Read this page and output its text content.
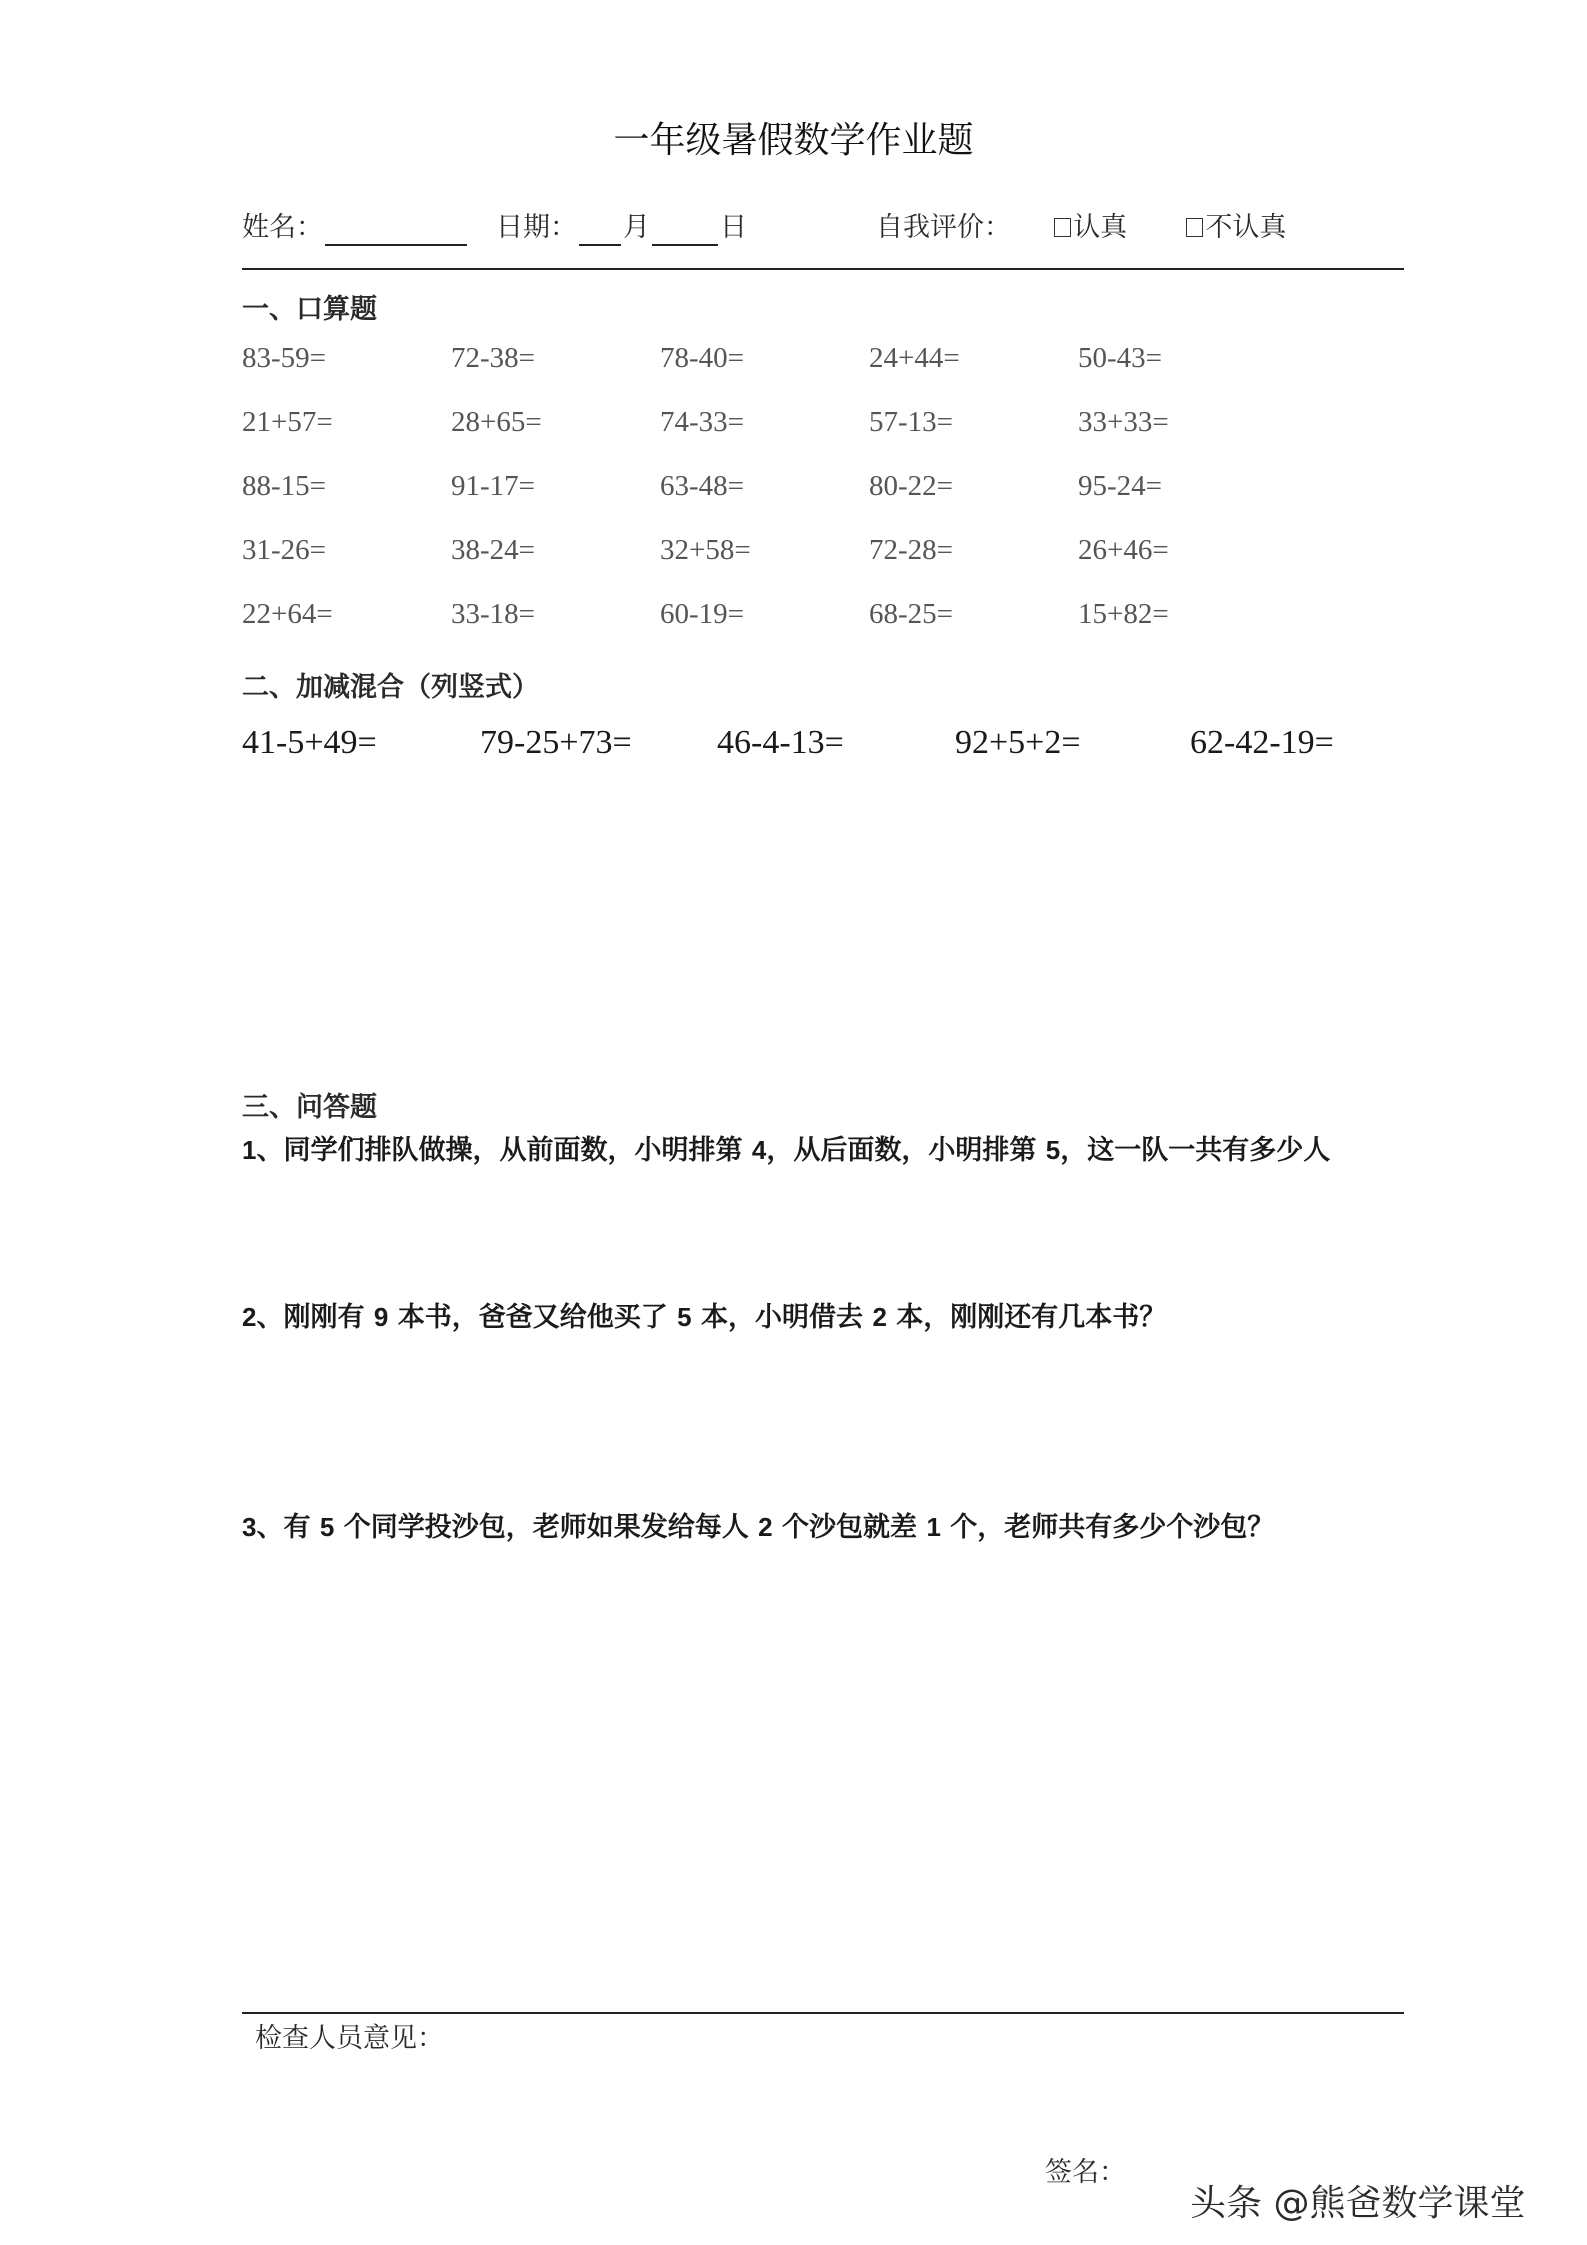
一年级暑假数学作业题
姓名：	日期： 月	日	自我评价： 认真	不认真
一、口算题
83-59=	72-38=	78-40=	24+44=	50-43=
21+57=	28+65=	74-33=	57-13=	33+33=
88-15=	91-17=	63-48=	80-22=	95-24=
31-26=	38-24=	32+58=	72-28=	26+46=
22+64=	33-18=	60-19=	68-25=	15+82=
二、加减混合（列竖式）
41-5+49=	79-25+73=	46-4-13=	92+5+2=	62-42-19=
三、问答题
1、同学们排队做操，从前面数，小明排第 4，从后面数，小明排第 5，这一队一共有多少人
2、刚刚有 9 本书，爸爸又给他买了 5 本，小明借去 2 本，刚刚还有几本书？
3、有 5 个同学投沙包，老师如果发给每人 2 个沙包就差 1 个，老师共有多少个沙包？
检查人员意见：
签名：
头条 @熊爸数学课堂
